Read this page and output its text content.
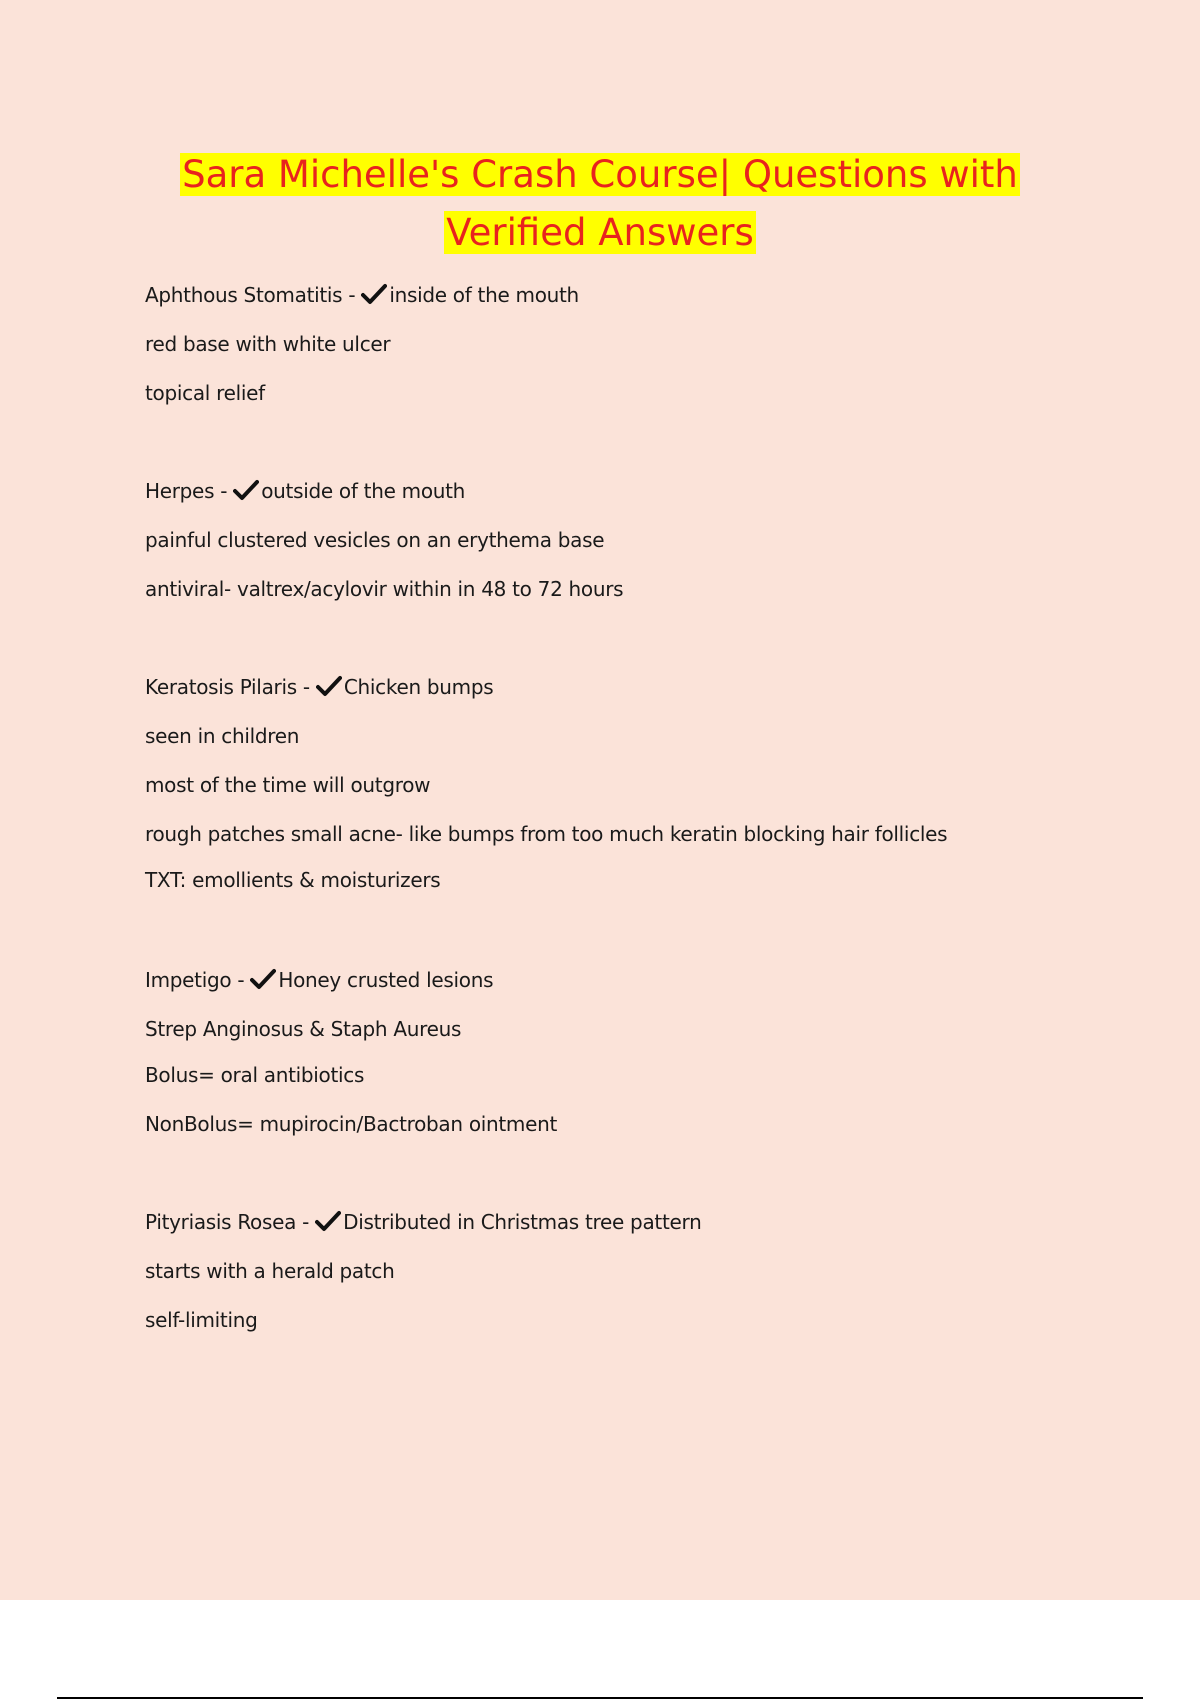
Sara Michelle's Crash Course| Questions with
Verified Answers
Aphthous Stomatitis - inside of the mouth
red base with white ulcer
topical relief
Herpes - outside of the mouth
painful clustered vesicles on an erythema base
antiviral- valtrex/acylovir within in 48 to 72 hours
Keratosis Pilaris - Chicken bumps
seen in children
most of the time will outgrow
rough patches small acne- like bumps from too much keratin blocking hair follicles
TXT: emollients & moisturizers
Impetigo - Honey crusted lesions
Strep Anginosus & Staph Aureus
Bolus= oral antibiotics
NonBolus= mupirocin/Bactroban ointment
Pityriasis Rosea - Distributed in Christmas tree pattern
starts with a herald patch
self-limiting
